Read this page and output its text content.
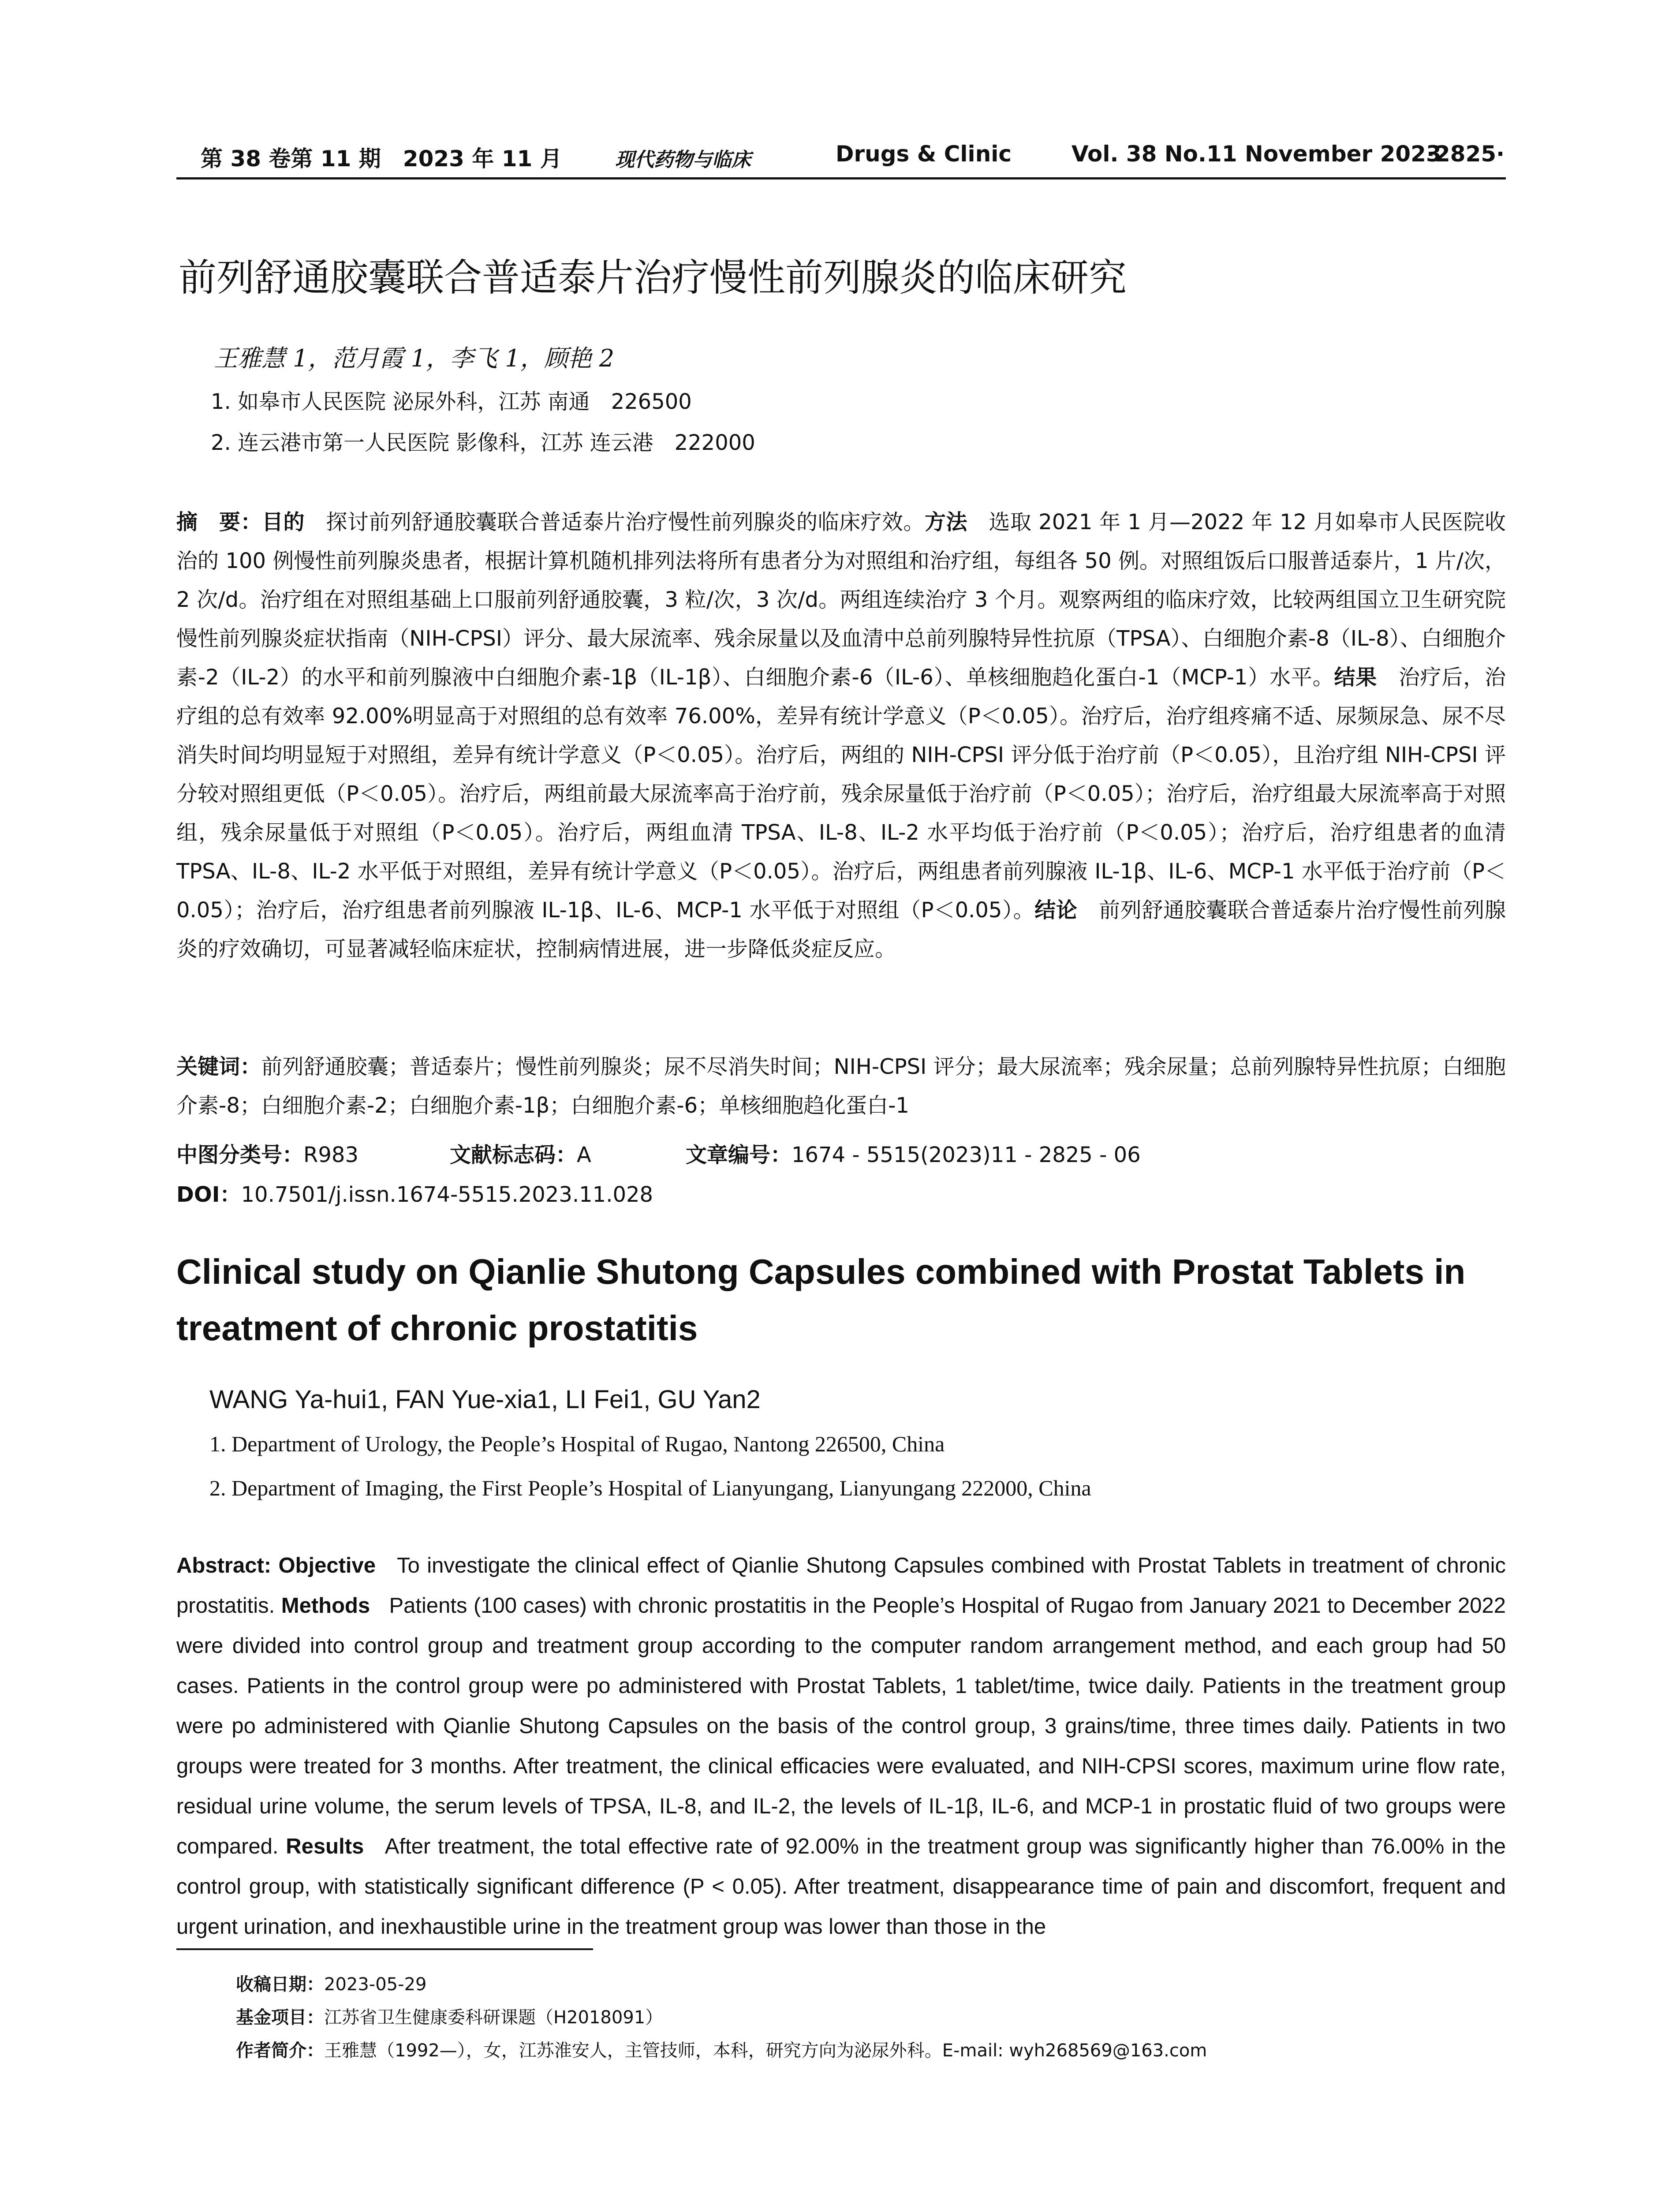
第 38 卷第 11 期　2023 年 11 月	现代药物与临床	Drugs & Clinic	Vol. 38 No.11 November 2023
·2825·
前列舒通胶囊联合普适泰片治疗慢性前列腺炎的临床研究
王雅慧 1，范月霞 1，李飞 1，顾艳 2
1. 如皋市人民医院 泌尿外科，江苏 南通　226500
2. 连云港市第一人民医院 影像科，江苏 连云港　222000
摘　要：目的　 探讨前列舒通胶囊联合普适泰片治疗慢性前列腺炎的临床疗效。方法　 选取 2021 年 1 月—2022 年 12 月如皋市人民医院收治的 100 例慢性前列腺炎患者，根据计算机随机排列法将所有患者分为对照组和治疗组，每组各 50 例。对照组饭后口服普适泰片，1 片/次，2 次/d。治疗组在对照组基础上口服前列舒通胶囊，3 粒/次，3 次/d。两组连续治疗 3 个月。观察两组的临床疗效，比较两组国立卫生研究院慢性前列腺炎症状指南（NIH-CPSI）评分、最大尿流率、残余尿量以及血清中总前列腺特异性抗原（TPSA）、白细胞介素-8（IL-8）、白细胞介素-2（IL-2）的水平和前列腺液中白细胞介素-1β（IL-1β）、白细胞介素-6（IL-6）、单核细胞趋化蛋白-1（MCP-1）水平。结果　 治疗后，治疗组的总有效率 92.00%明显高于对照组的总有效率 76.00%，差异有统计学意义（P＜0.05）。治疗后，治疗组疼痛不适、尿频尿急、尿不尽消失时间均明显短于对照组，差异有统计学意义（P＜0.05）。治疗后，两组的 NIH-CPSI 评分低于治疗前（P＜0.05），且治疗组 NIH-CPSI 评分较对照组更低（P＜0.05）。治疗后，两组前最大尿流率高于治疗前，残余尿量低于治疗前（P＜0.05）；治疗后，治疗组最大尿流率高于对照组，残余尿量低于对照组（P＜0.05）。治疗后，两组血清 TPSA、IL-8、IL-2 水平均低于治疗前（P＜0.05）；治疗后，治疗组患者的血清 TPSA、IL-8、IL-2 水平低于对照组，差异有统计学意义（P＜0.05）。治疗后，两组患者前列腺液 IL-1β、IL-6、MCP-1 水平低于治疗前（P＜0.05）；治疗后，治疗组患者前列腺液 IL-1β、IL-6、MCP-1 水平低于对照组（P＜0.05）。结论　 前列舒通胶囊联合普适泰片治疗慢性前列腺炎的疗效确切，可显著减轻临床症状，控制病情进展，进一步降低炎症反应。
关键词：前列舒通胶囊；普适泰片；慢性前列腺炎；尿不尽消失时间；NIH-CPSI 评分；最大尿流率；残余尿量；总前列腺特异性抗原；白细胞介素-8；白细胞介素-2；白细胞介素-1β；白细胞介素-6；单核细胞趋化蛋白-1
中图分类号：R983	文献标志码：A	文章编号：1674 - 5515(2023)11 - 2825 - 06
DOI：10.7501/j.issn.1674-5515.2023.11.028
Clinical study on Qianlie Shutong Capsules combined with Prostat Tablets in treatment of chronic prostatitis
WANG Ya-hui1, FAN Yue-xia1, LI Fei1, GU Yan2
1. Department of Urology, the People’s Hospital of Rugao, Nantong 226500, China
2. Department of Imaging, the First People’s Hospital of Lianyungang, Lianyungang 222000, China
Abstract: Objective To investigate the clinical effect of Qianlie Shutong Capsules combined with Prostat Tablets in treatment of chronic prostatitis. Methods Patients (100 cases) with chronic prostatitis in the People’s Hospital of Rugao from January 2021 to December 2022 were divided into control group and treatment group according to the computer random arrangement method, and each group had 50 cases. Patients in the control group were po administered with Prostat Tablets, 1 tablet/time, twice daily. Patients in the treatment group were po administered with Qianlie Shutong Capsules on the basis of the control group, 3 grains/time, three times daily. Patients in two groups were treated for 3 months. After treatment, the clinical efficacies were evaluated, and NIH-CPSI scores, maximum urine flow rate, residual urine volume, the serum levels of TPSA, IL-8, and IL-2, the levels of IL-1β, IL-6, and MCP-1 in prostatic fluid of two groups were compared. Results After treatment, the total effective rate of 92.00% in the treatment group was significantly higher than 76.00% in the control group, with statistically significant difference (P < 0.05). After treatment, disappearance time of pain and discomfort, frequent and urgent urination, and inexhaustible urine in the treatment group was lower than those in the
收稿日期：2023-05-29
基金项目：江苏省卫生健康委科研课题（H2018091）
作者简介：王雅慧（1992—），女，江苏淮安人，主管技师，本科，研究方向为泌尿外科。E-mail: wyh268569@163.com
